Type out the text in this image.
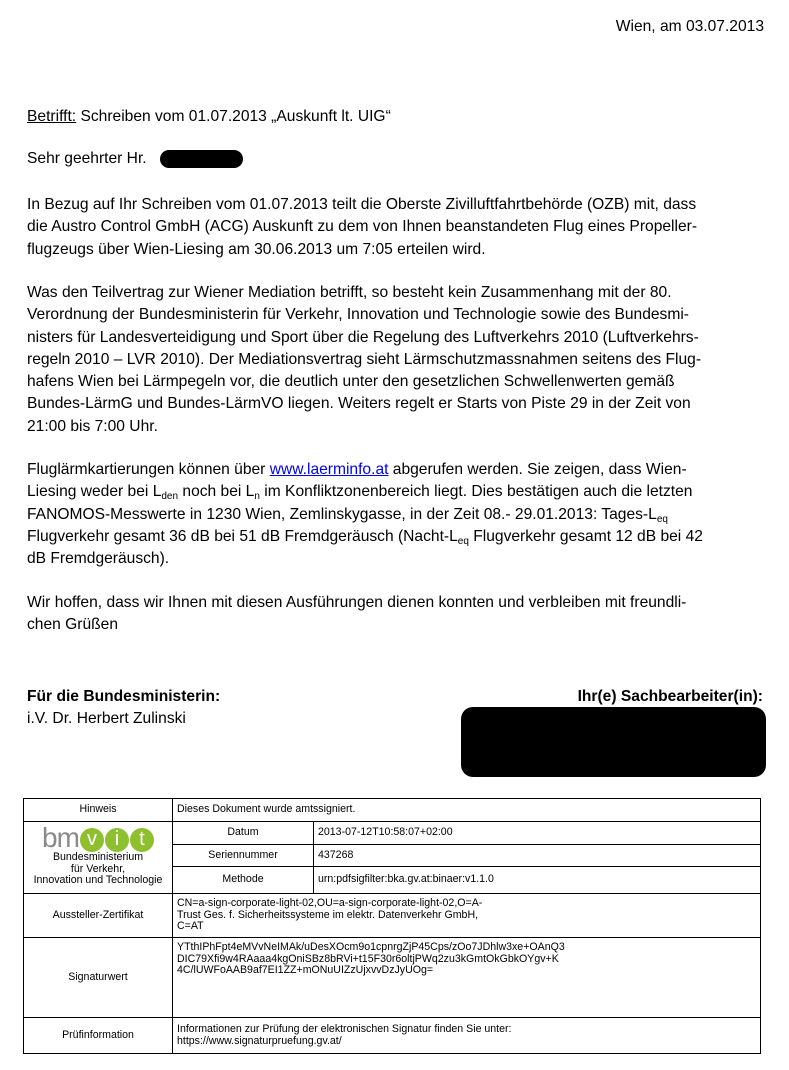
Wien, am 03.07.2013
Betrifft: Schreiben vom 01.07.2013 „Auskunft lt. UIG“
Sehr geehrter Hr.

In Bezug auf Ihr Schreiben vom 01.07.2013 teilt die Oberste Zivilluftfahrtbehörde (OZB) mit, dass

die Austro Control GmbH (ACG) Auskunft zu dem von Ihnen beanstandeten Flug eines Propeller-

flugzeugs über Wien-Liesing am 30.06.2013 um 7:05 erteilen wird.

Was den Teilvertrag zur Wiener Mediation betrifft, so besteht kein Zusammenhang mit der 80.

Verordnung der Bundesministerin für Verkehr, Innovation und Technologie sowie des Bundesmi-

nisters für Landesverteidigung und Sport über die Regelung des Luftverkehrs 2010 (Luftverkehrs-

regeln 2010 – LVR 2010). Der Mediationsvertrag sieht Lärmschutzmassnahmen seitens des Flug-

hafens Wien bei Lärmpegeln vor, die deutlich unter den gesetzlichen Schwellenwerten gemäß

Bundes-LärmG und Bundes-LärmVO liegen. Weiters regelt er Starts von Piste 29 in der Zeit von

21:00 bis 7:00 Uhr.

Fluglärmkartierungen können über www.laerminfo.at abgerufen werden. Sie zeigen, dass Wien-

Liesing weder bei $L_{den}$ noch bei $L_n$ im Konfliktzonenbereich liegt. Dies bestätigen auch die letzten

FANOMOS-Messwerte in 1230 Wien, Zemlinskygasse, in der Zeit 08.- 29.01.2013: Tages-$L_{eq}$

Flugverkehr gesamt 36 dB bei 51 dB Fremdgeräusch ($Nacht-L_{eq}$ Flugverkehr gesamt 12 dB bei 42

dB Fremdgeräusch).

Wir hoffen, dass wir Ihnen mit diesen Ausführungen dienen konnten und verbleiben mit freundli-

chen Grüßen

Für die Bundesministerin:
i.V. Dr. Herbert Zulinski
Ihr(e) Sachbearbeiter(in):
Hinweis	Dieses Dokument wurde amtssigniert.	

bm v i t
Bundesministerium
für Verkehr,
Innovation und Technologie	Datum	2013-07-12T10:58:07+02:00
	Seriennummer	437268
	Methode	urn:pdfsigfilter:bka.gv.at:binaer:v1.1.0
Aussteller-Zertifikat	CN=a-sign-corporate-light-02,OU=a-sign-corporate-light-02,O=A-
Trust Ges. f. Sicherheitssysteme im elektr. Datenverkehr GmbH,
C=AT	

Signaturwert	YTthIPhFpt4eMVvNeIMAk/uDesXOcm9o1cpnrgZjP45Cps/zOo7JDhlw3xe+OAnQ3
DIC79Xfi9w4RAaaa4kgOniSBz8bRVi+t15F30r6oltjPWq2zu3kGmtOkGbkOYgv+K
4C/lUWFoAAB9af7EI1ZZ+mONuUIZzUjxvvDzJyUOg=	

Prüfinformation	Informationen zur Prüfung der elektronischen Signatur finden Sie unter:
https://www.signaturpruefung.gv.at/	
